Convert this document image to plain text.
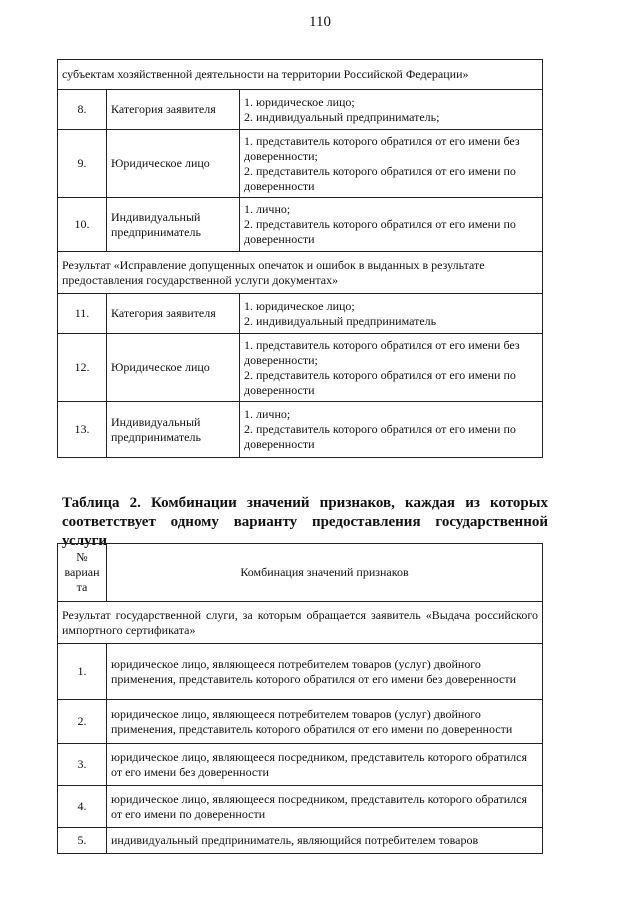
110
субъектам хозяйственной деятельности на территории Российской Федерации»		
8.	Категория заявителя	1. юридическое лицо;
2. индивидуальный предприниматель;

9.	Юридическое лицо	1. представитель которого обратился от его имени без доверенности;
2. представитель которого обратился от его имени по доверенности

10.	Индивидуальный предприниматель	1. лично;
2. представитель которого обратился от его имени по доверенности

Результат «Исправление допущенных опечаток и ошибок в выданных в результате предоставления государственной услуги документах»		
11.	Категория заявителя	1. юридическое лицо;
2. индивидуальный предприниматель

12.	Юридическое лицо	1. представитель которого обратился от его имени без доверенности;
2. представитель которого обратился от его имени по доверенности

13.	Индивидуальный предприниматель	1. лично;
2. представитель которого обратился от его имени по доверенности
Таблица 2. Комбинации значений признаков, каждая из которых
соответствует одному варианту предоставления государственной услуги
№ вариан та	Комбинация значений признаков
Результат государственной слуги, за которым обращается заявитель «Выдача российского импортного сертификата»	
1.	юридическое лицо, являющееся потребителем товаров (услуг) двойного применения, представитель которого обратился от его имени без доверенности
2.	юридическое лицо, являющееся потребителем товаров (услуг) двойного применения, представитель которого обратился от его имени по доверенности
3.	юридическое лицо, являющееся посредником, представитель которого обратился от его имени без доверенности
4.	юридическое лицо, являющееся посредником, представитель которого обратился от его имени по доверенности
5.	индивидуальный предприниматель, являющийся потребителем товаров
